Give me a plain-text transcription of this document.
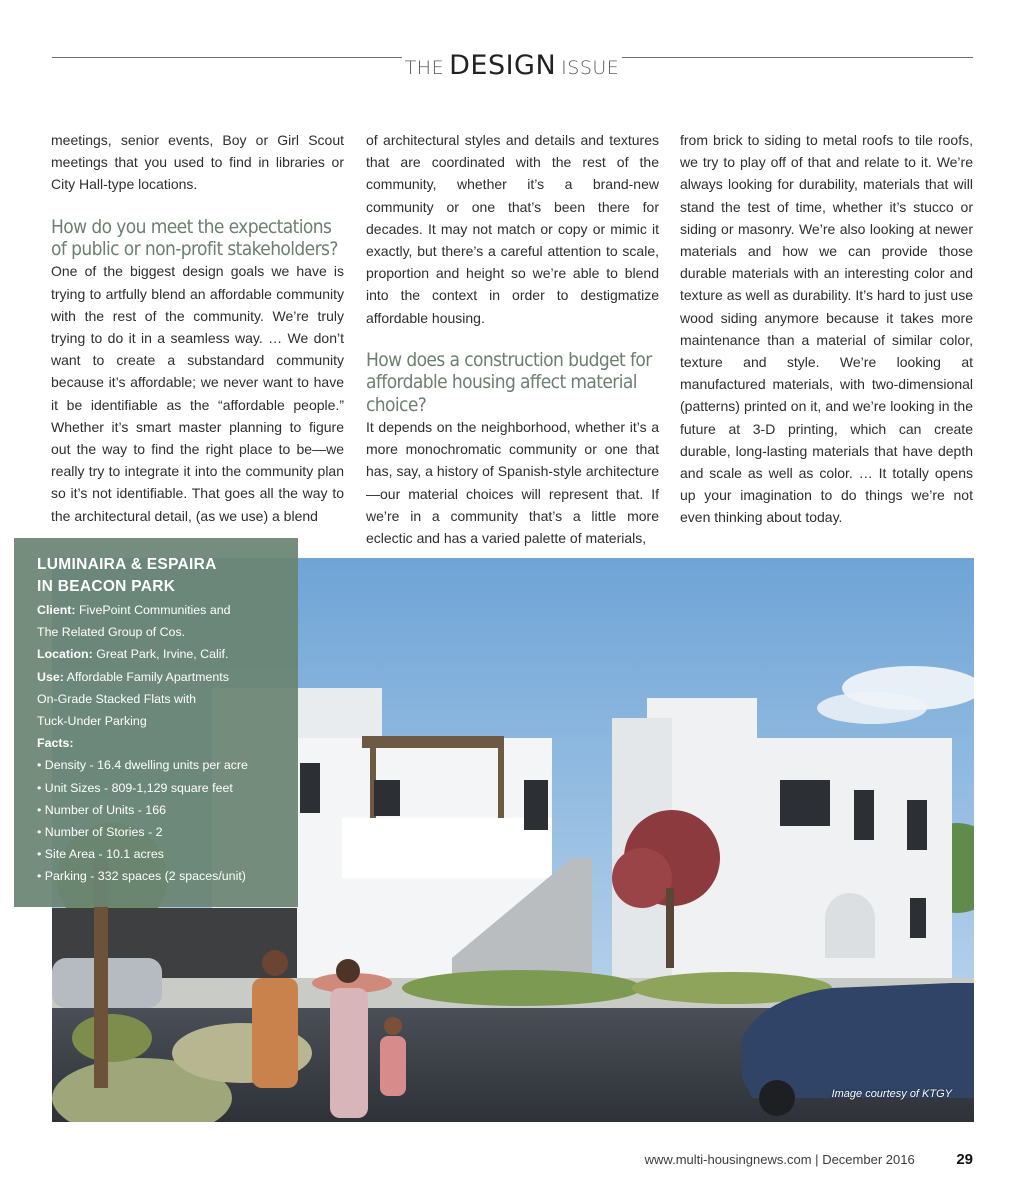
THE DESIGN ISSUE

meetings, senior events, Boy or Girl Scout meetings that you used to find in libraries or City Hall-type locations.

How do you meet the expectations of public or non-profit stakeholders?

One of the biggest design goals we have is trying to artfully blend an affordable community with the rest of the community. We’re truly trying to do it in a seamless way. … We don’t want to create a substandard community because it’s affordable; we never want to have it be identifiable as the “affordable people.” Whether it’s smart master planning to figure out the way to find the right place to be—we really try to integrate it into the community plan so it’s not identifiable. That goes all the way to the architectural detail, (as we use) a blend

of architectural styles and details and textures that are coordinated with the rest of the community, whether it’s a brand-new community or one that’s been there for decades. It may not match or copy or mimic it exactly, but there’s a careful attention to scale, proportion and height so we’re able to blend into the context in order to destigmatize affordable housing.

How does a construction budget for affordable housing affect material choice?

It depends on the neighborhood, whether it’s a more monochromatic community or one that has, say, a history of Spanish-style architecture—our material choices will represent that. If we’re in a community that’s a little more eclectic and has a varied palette of materials,

from brick to siding to metal roofs to tile roofs, we try to play off of that and relate to it. We’re always looking for durability, materials that will stand the test of time, whether it’s stucco or siding or masonry. We’re also looking at newer materials and how we can provide those durable materials with an interesting color and texture as well as durability. It’s hard to just use wood siding anymore because it takes more maintenance than a material of similar color, texture and style. We’re looking at manufactured materials, with two-dimensional (patterns) printed on it, and we’re looking in the future at 3-D printing, which can create durable, long-lasting materials that have depth and scale as well as color. … It totally opens up your imagination to do things we’re not even thinking about today.

Image courtesy of KTGY
LUMINAIRA & ESPAIRA
IN BEACON PARK
Client: FivePoint Communities and
The Related Group of Cos.
Location: Great Park, Irvine, Calif.
Use: Affordable Family Apartments
On-Grade Stacked Flats with
Tuck-Under Parking
Facts:
• Density - 16.4 dwelling units per acre
• Unit Sizes - 809-1,129 square feet
• Number of Units - 166
• Number of Stories - 2
• Site Area - 10.1 acres
• Parking - 332 spaces (2 spaces/unit)
www.multi-housingnews.com | December 2016	29
